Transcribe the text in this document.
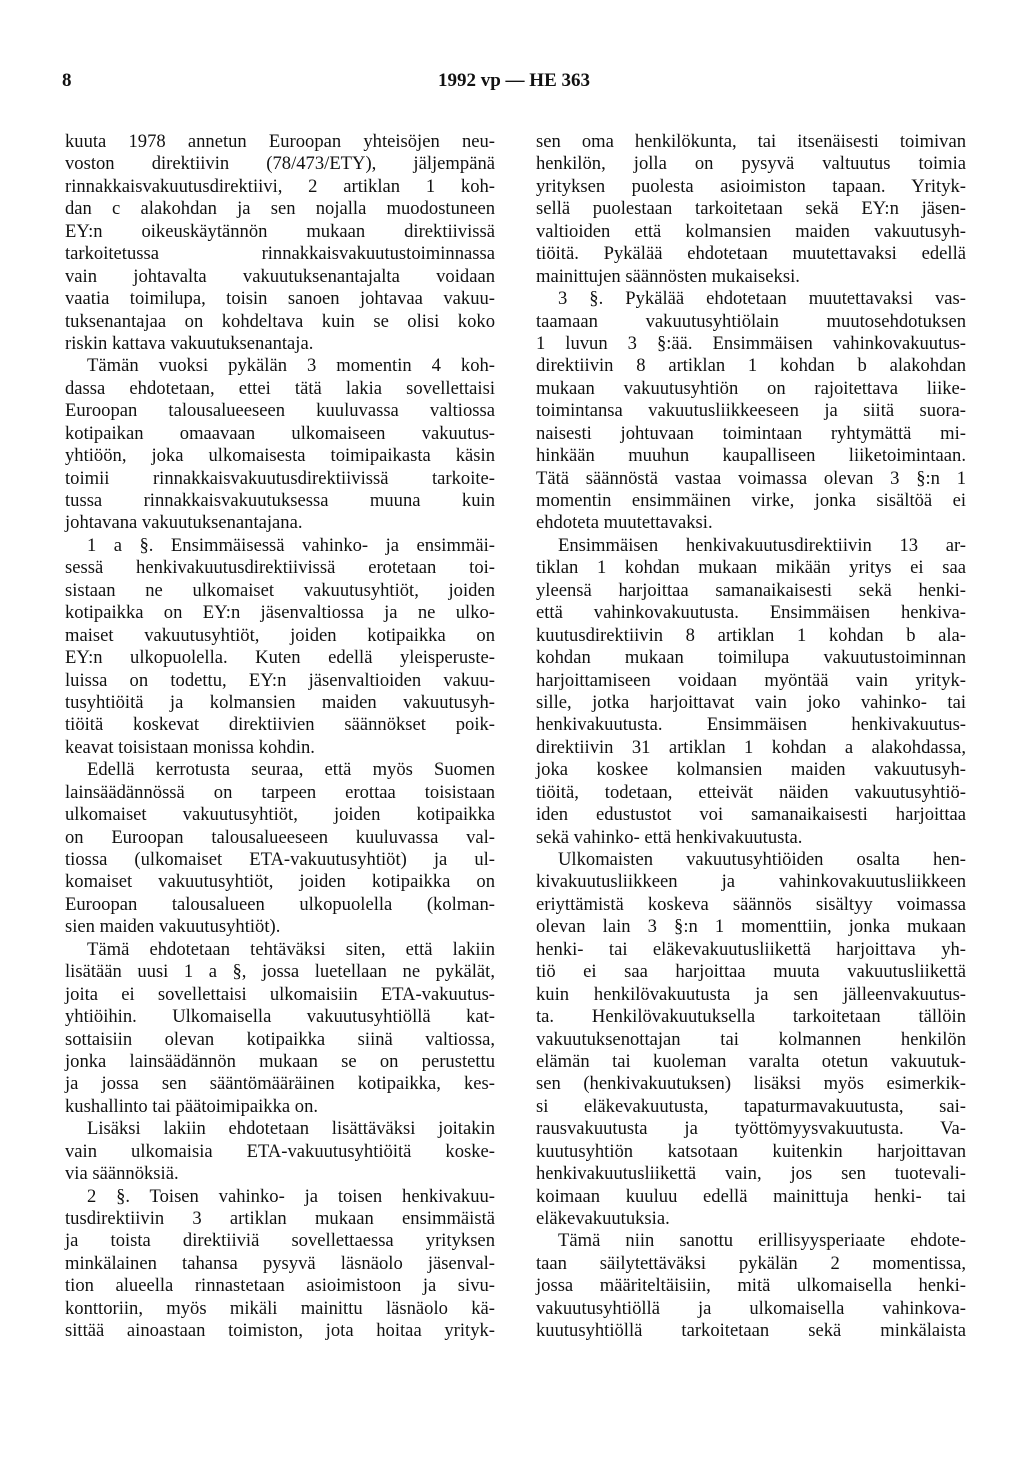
8	1992 vp — HE 363
kuuta 1978 annetun Euroopan yhteisöjen neu-
voston direktiivin (78/473/ETY), jäljempänä
rinnakkaisvakuutusdirektiivi, 2 artiklan 1 koh-
dan c alakohdan ja sen nojalla muodostuneen
EY:n oikeuskäytännön mukaan direktiivissä
tarkoitetussa rinnakkaisvakuutustoiminnassa
vain johtavalta vakuutuksenantajalta voidaan
vaatia toimilupa, toisin sanoen johtavaa vakuu-
tuksenantajaa on kohdeltava kuin se olisi koko
riskin kattava vakuutuksenantaja.
Tämän vuoksi pykälän 3 momentin 4 koh-
dassa ehdotetaan, ettei tätä lakia sovellettaisi
Euroopan talousalueeseen kuuluvassa valtiossa
kotipaikan omaavaan ulkomaiseen vakuutus-
yhtiöön, joka ulkomaisesta toimipaikasta käsin
toimii rinnakkaisvakuutusdirektiivissä tarkoite-
tussa rinnakkaisvakuutuksessa muuna kuin
johtavana vakuutuksenantajana.
1 a §. Ensimmäisessä vahinko- ja ensimmäi-
sessä henkivakuutusdirektiivissä erotetaan toi-
sistaan ne ulkomaiset vakuutusyhtiöt, joiden
kotipaikka on EY:n jäsenvaltiossa ja ne ulko-
maiset vakuutusyhtiöt, joiden kotipaikka on
EY:n ulkopuolella. Kuten edellä yleisperuste-
luissa on todettu, EY:n jäsenvaltioiden vakuu-
tusyhtiöitä ja kolmansien maiden vakuutusyh-
tiöitä koskevat direktiivien säännökset poik-
keavat toisistaan monissa kohdin.
Edellä kerrotusta seuraa, että myös Suomen
lainsäädännössä on tarpeen erottaa toisistaan
ulkomaiset vakuutusyhtiöt, joiden kotipaikka
on Euroopan talousalueeseen kuuluvassa val-
tiossa (ulkomaiset ETA-vakuutusyhtiöt) ja ul-
komaiset vakuutusyhtiöt, joiden kotipaikka on
Euroopan talousalueen ulkopuolella (kolman-
sien maiden vakuutusyhtiöt).
Tämä ehdotetaan tehtäväksi siten, että lakiin
lisätään uusi 1 a §, jossa luetellaan ne pykälät,
joita ei sovellettaisi ulkomaisiin ETA-vakuutus-
yhtiöihin. Ulkomaisella vakuutusyhtiöllä kat-
sottaisiin olevan kotipaikka siinä valtiossa,
jonka lainsäädännön mukaan se on perustettu
ja jossa sen sääntömääräinen kotipaikka, kes-
kushallinto tai päätoimipaikka on.
Lisäksi lakiin ehdotetaan lisättäväksi joitakin
vain ulkomaisia ETA-vakuutusyhtiöitä koske-
via säännöksiä.
2 §. Toisen vahinko- ja toisen henkivakuu-
tusdirektiivin 3 artiklan mukaan ensimmäistä
ja toista direktiiviä sovellettaessa yrityksen
minkälainen tahansa pysyvä läsnäolo jäsenval-
tion alueella rinnastetaan asioimistoon ja sivu-
konttoriin, myös mikäli mainittu läsnäolo kä-
sittää ainoastaan toimiston, jota hoitaa yrityk-
sen oma henkilökunta, tai itsenäisesti toimivan
henkilön, jolla on pysyvä valtuutus toimia
yrityksen puolesta asioimiston tapaan. Yrityk-
sellä puolestaan tarkoitetaan sekä EY:n jäsen-
valtioiden että kolmansien maiden vakuutusyh-
tiöitä. Pykälää ehdotetaan muutettavaksi edellä
mainittujen säännösten mukaiseksi.
3 §. Pykälää ehdotetaan muutettavaksi vas-
taamaan vakuutusyhtiölain muutosehdotuksen
1 luvun 3 §:ää. Ensimmäisen vahinkovakuutus-
direktiivin 8 artiklan 1 kohdan b alakohdan
mukaan vakuutusyhtiön on rajoitettava liike-
toimintansa vakuutusliikkeeseen ja siitä suora-
naisesti johtuvaan toimintaan ryhtymättä mi-
hinkään muuhun kaupalliseen liiketoimintaan.
Tätä säännöstä vastaa voimassa olevan 3 §:n 1
momentin ensimmäinen virke, jonka sisältöä ei
ehdoteta muutettavaksi.
Ensimmäisen henkivakuutusdirektiivin 13 ar-
tiklan 1 kohdan mukaan mikään yritys ei saa
yleensä harjoittaa samanaikaisesti sekä henki-
että vahinkovakuutusta. Ensimmäisen henkiva-
kuutusdirektiivin 8 artiklan 1 kohdan b ala-
kohdan mukaan toimilupa vakuutustoiminnan
harjoittamiseen voidaan myöntää vain yrityk-
sille, jotka harjoittavat vain joko vahinko- tai
henkivakuutusta. Ensimmäisen henkivakuutus-
direktiivin 31 artiklan 1 kohdan a alakohdassa,
joka koskee kolmansien maiden vakuutusyh-
tiöitä, todetaan, etteivät näiden vakuutusyhtiö-
iden edustustot voi samanaikaisesti harjoittaa
sekä vahinko- että henkivakuutusta.
Ulkomaisten vakuutusyhtiöiden osalta hen-
kivakuutusliikkeen ja vahinkovakuutusliikkeen
eriyttämistä koskeva säännös sisältyy voimassa
olevan lain 3 §:n 1 momenttiin, jonka mukaan
henki- tai eläkevakuutusliikettä harjoittava yh-
tiö ei saa harjoittaa muuta vakuutusliikettä
kuin henkilövakuutusta ja sen jälleenvakuutus-
ta. Henkilövakuutuksella tarkoitetaan tällöin
vakuutuksenottajan tai kolmannen henkilön
elämän tai kuoleman varalta otetun vakuutuk-
sen (henkivakuutuksen) lisäksi myös esimerkik-
si eläkevakuutusta, tapaturmavakuutusta, sai-
rausvakuutusta ja työttömyysvakuutusta. Va-
kuutusyhtiön katsotaan kuitenkin harjoittavan
henkivakuutusliikettä vain, jos sen tuotevali-
koimaan kuuluu edellä mainittuja henki- tai
eläkevakuutuksia.
Tämä niin sanottu erillisyysperiaate ehdote-
taan säilytettäväksi pykälän 2 momentissa,
jossa määriteltäisiin, mitä ulkomaisella henki-
vakuutusyhtiöllä ja ulkomaisella vahinkova-
kuutusyhtiöllä tarkoitetaan sekä minkälaista
